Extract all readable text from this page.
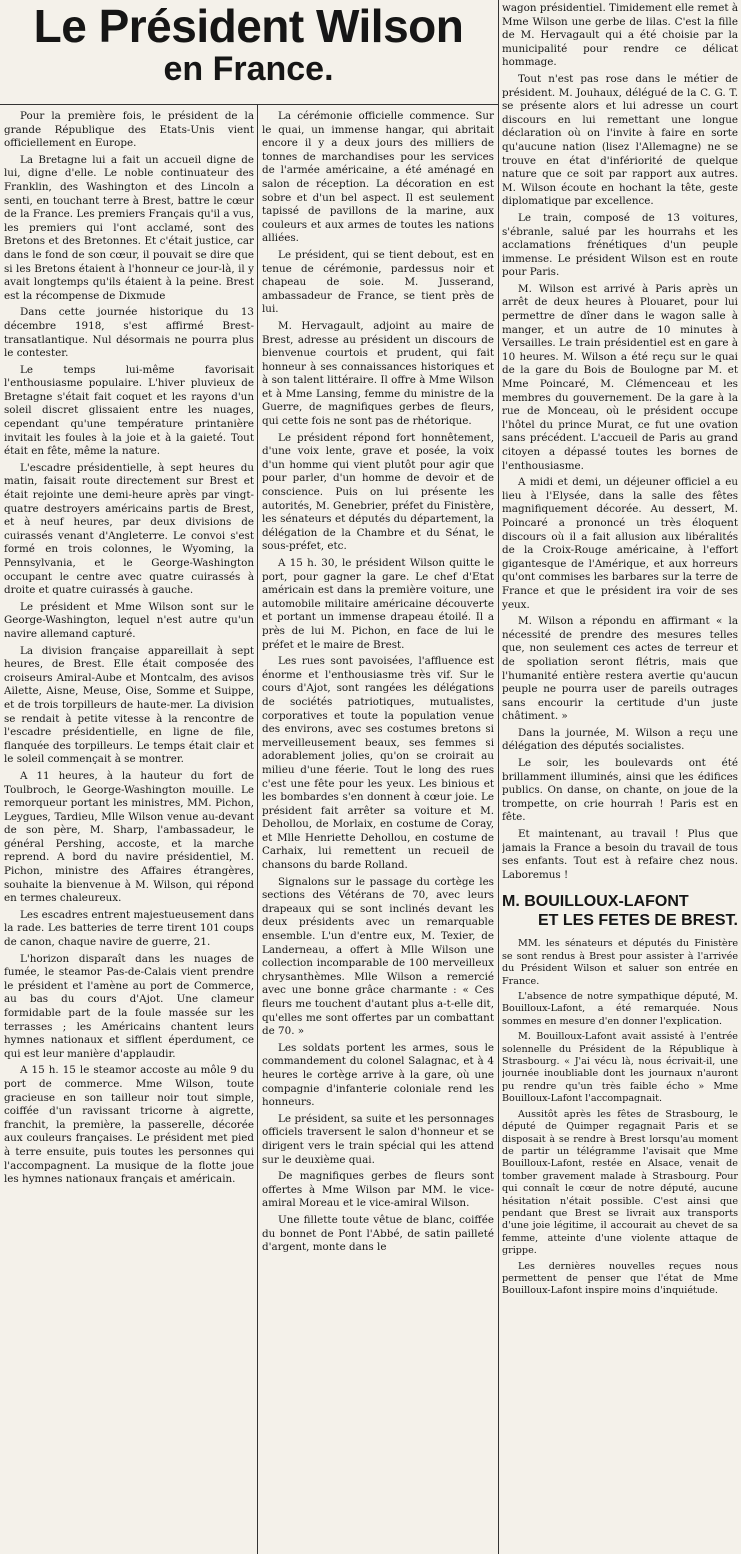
Le Président Wilson
en France.

Pour la première fois, le président de la grande République des Etats-Unis vient officiellement en Europe.

La Bretagne lui a fait un accueil digne de lui, digne d'elle. Le noble continuateur des Franklin, des Washington et des Lincoln a senti, en touchant terre à Brest, battre le cœur de la France. Les premiers Français qu'il a vus, les premiers qui l'ont acclamé, sont des Bretons et des Bretonnes. Et c'était justice, car dans le fond de son cœur, il pouvait se dire que si les Bretons étaient à l'honneur ce jour-là, il y avait longtemps qu'ils étaient à la peine. Brest est la récompense de Dixmude

Dans cette journée historique du 13 décembre 1918, s'est affirmé Brest-transatlantique. Nul désormais ne pourra plus le contester.

Le temps lui-même favorisait l'enthousiasme populaire. L'hiver pluvieux de Bretagne s'était fait coquet et les rayons d'un soleil discret glissaient entre les nuages, cependant qu'une température printanière invitait les foules à la joie et à la gaieté. Tout était en fête, même la nature.

L'escadre présidentielle, à sept heures du matin, faisait route directement sur Brest et était rejointe une demi-heure après par vingt-quatre destroyers américains partis de Brest, et à neuf heures, par deux divisions de cuirassés venant d'Angleterre. Le convoi s'est formé en trois colonnes, le Wyoming, la Pennsylvania, et le George-Washington occupant le centre avec quatre cuirassés à droite et quatre cuirassés à gauche.

Le président et Mme Wilson sont sur le George-Washington, lequel n'est autre qu'un navire allemand capturé.

La division française appareillait à sept heures, de Brest. Elle était composée des croiseurs Amiral-Aube et Montcalm, des avisos Ailette, Aisne, Meuse, Oise, Somme et Suippe, et de trois torpilleurs de haute-mer. La division se rendait à petite vitesse à la rencontre de l'escadre présidentielle, en ligne de file, flanquée des torpilleurs. Le temps était clair et le soleil commençait à se montrer.

A 11 heures, à la hauteur du fort de Toulbroch, le George-Washington mouille. Le remorqueur portant les ministres, MM. Pichon, Leygues, Tardieu, Mlle Wilson venue au-devant de son père, M. Sharp, l'ambassadeur, le général Pershing, accoste, et la marche reprend. A bord du navire présidentiel, M. Pichon, ministre des Affaires étrangères, souhaite la bienvenue à M. Wilson, qui répond en termes chaleureux.

Les escadres entrent majestueusement dans la rade. Les batteries de terre tirent 101 coups de canon, chaque navire de guerre, 21.

L'horizon disparaît dans les nuages de fumée, le steamor Pas-de-Calais vient prendre le président et l'amène au port de Commerce, au bas du cours d'Ajot. Une clameur formidable part de la foule massée sur les terrasses ; les Américains chantent leurs hymnes nationaux et sifflent éperdument, ce qui est leur manière d'applaudir.

A 15 h. 15 le steamor accoste au môle 9 du port de commerce. Mme Wilson, toute gracieuse en son tailleur noir tout simple, coiffée d'un ravissant tricorne à aigrette, franchit, la première, la passerelle, décorée aux couleurs françaises. Le président met pied à terre ensuite, puis toutes les personnes qui l'accompagnent. La musique de la flotte joue les hymnes nationaux français et américain.

La cérémonie officielle commence. Sur le quai, un immense hangar, qui abritait encore il y a deux jours des milliers de tonnes de marchandises pour les services de l'armée américaine, a été aménagé en salon de réception. La décoration en est sobre et d'un bel aspect. Il est seulement tapissé de pavillons de la marine, aux couleurs et aux armes de toutes les nations alliées.

Le président, qui se tient debout, est en tenue de cérémonie, pardessus noir et chapeau de soie. M. Jusserand, ambassadeur de France, se tient près de lui.

M. Hervagault, adjoint au maire de Brest, adresse au président un discours de bienvenue courtois et prudent, qui fait honneur à ses connaissances historiques et à son talent littéraire. Il offre à Mme Wilson et à Mme Lansing, femme du ministre de la Guerre, de magnifiques gerbes de fleurs, qui cette fois ne sont pas de rhétorique.

Le président répond fort honnêtement, d'une voix lente, grave et posée, la voix d'un homme qui vient plutôt pour agir que pour parler, d'un homme de devoir et de conscience. Puis on lui présente les autorités, M. Genebrier, préfet du Finistère, les sénateurs et députés du département, la délégation de la Chambre et du Sénat, le sous-préfet, etc.

A 15 h. 30, le président Wilson quitte le port, pour gagner la gare. Le chef d'Etat américain est dans la première voiture, une automobile militaire américaine découverte et portant un immense drapeau étoilé. Il a près de lui M. Pichon, en face de lui le préfet et le maire de Brest.

Les rues sont pavoisées, l'affluence est énorme et l'enthousiasme très vif. Sur le cours d'Ajot, sont rangées les délégations de sociétés patriotiques, mutualistes, corporatives et toute la population venue des environs, avec ses costumes bretons si merveilleusement beaux, ses femmes si adorablement jolies, qu'on se croirait au milieu d'une féerie. Tout le long des rues c'est une fête pour les yeux. Les binious et les bombardes s'en donnent à cœur joie. Le président fait arrêter sa voiture et M. Dehollou, de Morlaix, en costume de Coray, et Mlle Henriette Dehollou, en costume de Carhaix, lui remettent un recueil de chansons du barde Rolland.

Signalons sur le passage du cortège les sections des Vétérans de 70, avec leurs drapeaux qui se sont inclinés devant les deux présidents avec un remarquable ensemble. L'un d'entre eux, M. Texier, de Landerneau, a offert à Mlle Wilson une collection incomparable de 100 merveilleux chrysanthèmes. Mlle Wilson a remercié avec une bonne grâce charmante : « Ces fleurs me touchent d'autant plus a-t-elle dit, qu'elles me sont offertes par un combattant de 70. »

Les soldats portent les armes, sous le commandement du colonel Salagnac, et à 4 heures le cortège arrive à la gare, où une compagnie d'infanterie coloniale rend les honneurs.

Le président, sa suite et les personnages officiels traversent le salon d'honneur et se dirigent vers le train spécial qui les attend sur le deuxième quai.

De magnifiques gerbes de fleurs sont offertes à Mme Wilson par MM. le vice-amiral Moreau et le vice-amiral Wilson.

Une fillette toute vêtue de blanc, coiffée du bonnet de Pont l'Abbé, de satin pailleté d'argent, monte dans le

wagon présidentiel. Timidement elle remet à Mme Wilson une gerbe de lilas. C'est la fille de M. Hervagault qui a été choisie par la municipalité pour rendre ce délicat hommage.

Tout n'est pas rose dans le métier de président. M. Jouhaux, délégué de la C. G. T. se présente alors et lui adresse un court discours en lui remettant une longue déclaration où on l'invite à faire en sorte qu'aucune nation (lisez l'Allemagne) ne se trouve en état d'infériorité de quelque nature que ce soit par rapport aux autres. M. Wilson écoute en hochant la tête, geste diplomatique par excellence.

Le train, composé de 13 voitures, s'ébranle, salué par les hourrahs et les acclamations frénétiques d'un peuple immense. Le président Wilson est en route pour Paris.

M. Wilson est arrivé à Paris après un arrêt de deux heures à Plouaret, pour lui permettre de dîner dans le wagon salle à manger, et un autre de 10 minutes à Versailles. Le train présidentiel est en gare à 10 heures. M. Wilson a été reçu sur le quai de la gare du Bois de Boulogne par M. et Mme Poincaré, M. Clémenceau et les membres du gouvernement. De la gare à la rue de Monceau, où le président occupe l'hôtel du prince Murat, ce fut une ovation sans précédent. L'accueil de Paris au grand citoyen a dépassé toutes les bornes de l'enthousiasme.

A midi et demi, un déjeuner officiel a eu lieu à l'Elysée, dans la salle des fêtes magnifiquement décorée. Au dessert, M. Poincaré a prononcé un très éloquent discours où il a fait allusion aux libéralités de la Croix-Rouge américaine, à l'effort gigantesque de l'Amérique, et aux horreurs qu'ont commises les barbares sur la terre de France et que le président ira voir de ses yeux.

M. Wilson a répondu en affirmant « la nécessité de prendre des mesures telles que, non seulement ces actes de terreur et de spoliation seront flétris, mais que l'humanité entière restera avertie qu'aucun peuple ne pourra user de pareils outrages sans encourir la certitude d'un juste châtiment. »

Dans la journée, M. Wilson a reçu une délégation des députés socialistes.

Le soir, les boulevards ont été brillamment illuminés, ainsi que les édifices publics. On danse, on chante, on joue de la trompette, on crie hourrah ! Paris est en fête.

Et maintenant, au travail ! Plus que jamais la France a besoin du travail de tous ses enfants. Tout est à refaire chez nous. Laboremus !

M. BOUILLOUX-LAFONT
ET LES FETES DE BREST.

MM. les sénateurs et députés du Finistère se sont rendus à Brest pour assister à l'arrivée du Président Wilson et saluer son entrée en France.

L'absence de notre sympathique député, M. Bouilloux-Lafont, a été remarquée. Nous sommes en mesure d'en donner l'explication.

M. Bouilloux-Lafont avait assisté à l'entrée solennelle du Président de la République à Strasbourg. « J'ai vécu là, nous écrivait-il, une journée inoubliable dont les journaux n'auront pu rendre qu'un très faible écho » Mme Bouilloux-Lafont l'accompagnait.

Aussitôt après les fêtes de Strasbourg, le député de Quimper regagnait Paris et se disposait à se rendre à Brest lorsqu'au moment de partir un télégramme l'avisait que Mme Bouilloux-Lafont, restée en Alsace, venait de tomber gravement malade à Strasbourg. Pour qui connaît le cœur de notre député, aucune hésitation n'était possible. C'est ainsi que pendant que Brest se livrait aux transports d'une joie légitime, il accourait au chevet de sa femme, atteinte d'une violente attaque de grippe.

Les dernières nouvelles reçues nous permettent de penser que l'état de Mme Bouilloux-Lafont inspire moins d'inquiétude.
